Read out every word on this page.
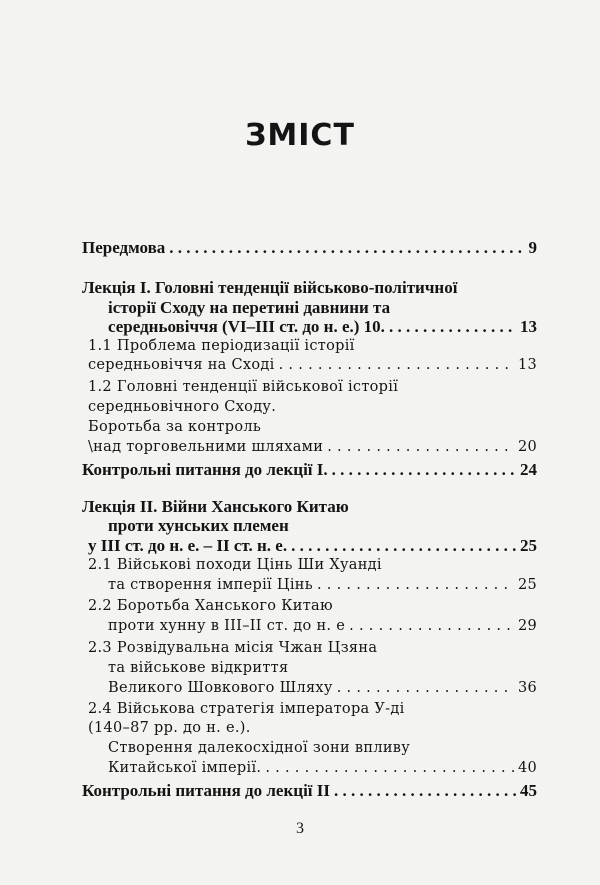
ЗМІСТ
Передмова . . .	9
Лекція І. Головні тенденції військово-політичної
історії Сходу на перетині давнини та
середньовіччя (VI–III ст. до н. е.) 10. . . .	13
1.1 Проблема періодизації історії
середньовіччя на Сході . . .	13
1.2 Головні тенденції військової історії
середньовічного Сходу.
Боротьба за контроль
\над торговельними шляхами . . .	20
Контрольні питання до лекції І. . . .	24
Лекція ІІ. Війни Ханського Китаю
проти хунських племен
у ІІІ ст. до н. е. – ІІ ст. н. е. . . .	25
2.1 Військові походи Цінь Ши Хуанді
та створення імперії Цінь . . .	25
2.2 Боротьба Ханського Китаю
проти хунну в ІІІ–ІІ ст. до н. е . . .	29
2.3 Розвідувальна місія Чжан Цзяна
та військове відкриття
Великого Шовкового Шляху . . .	36
2.4 Військова стратегія імператора У-ді
(140–87 рр. до н. е.).
Створення далекосхідної зони впливу
Китайської імперії. . . .	40
Контрольні питання до лекції ІІ . . .	45
3
